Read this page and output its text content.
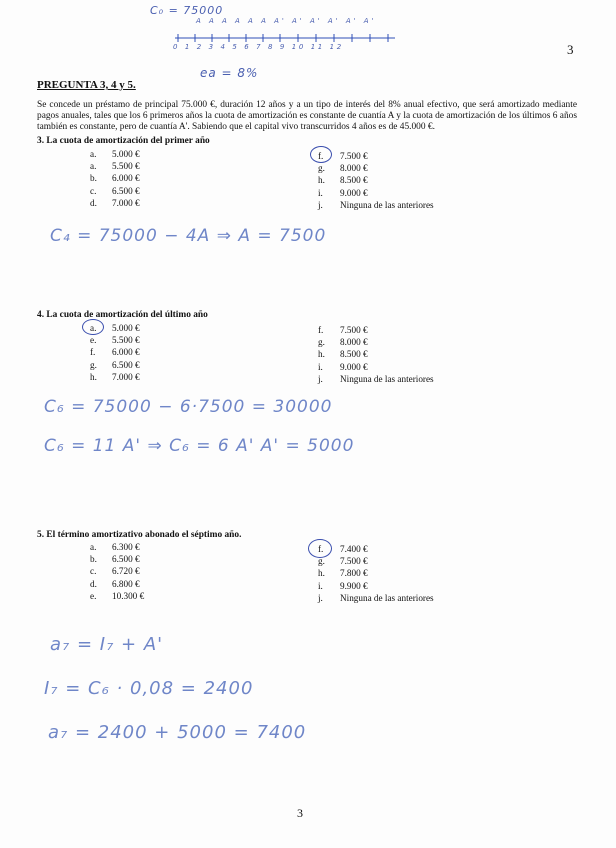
C₀ = 75000
A A A A A A A' A' A' A' A' A'
0 1 2 3 4 5 6 7 8 9 10 11 12
ea = 8%
3
PREGUNTA 3, 4 y 5.
Se concede un préstamo de principal 75.000 €, duración 12 años y a un tipo de interés del 8% anual efectivo, que será amortizado mediante pagos anuales, tales que los 6 primeros años la cuota de amortización es constante de cuantía A y la cuota de amortización de los últimos 6 años también es constante, pero de cuantía A'. Sabiendo que el capital vivo transcurridos 4 años es de 45.000 €.
3. La cuota de amortización del primer año
a. 5.000 €
a. 5.500 €
b. 6.000 €
c. 6.500 €
d. 7.000 €
f. 7.500 €
g. 8.000 €
h. 8.500 €
i. 9.000 €
j. Ninguna de las anteriores
C₄ = 75000 − 4A ⇒ A = 7500
4. La cuota de amortización del último año
a. 5.000 €
e. 5.500 €
f. 6.000 €
g. 6.500 €
h. 7.000 €
f. 7.500 €
g. 8.000 €
h. 8.500 €
i. 9.000 €
j. Ninguna de las anteriores
C₆ = 75000 − 6·7500 = 30000
C₆ = 11 A' ⇒ C₆ = 6 A' A' = 5000
5. El término amortizativo abonado el séptimo año.
a. 6.300 €
b. 6.500 €
c. 6.720 €
d. 6.800 €
e. 10.300 €
f. 7.400 €
g. 7.500 €
h. 7.800 €
i. 9.900 €
j. Ninguna de las anteriores
a₇ = I₇ + A'
I₇ = C₆ · 0,08 = 2400
a₇ = 2400 + 5000 = 7400
3
